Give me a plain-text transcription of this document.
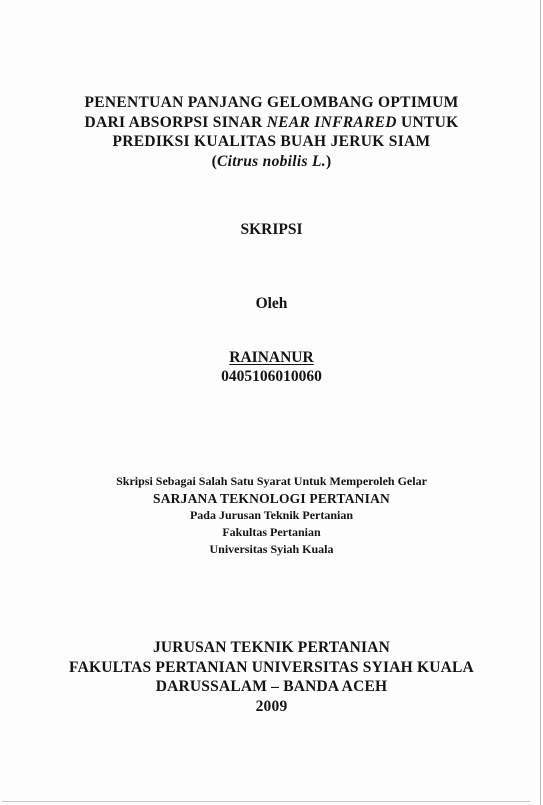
PENENTUAN PANJANG GELOMBANG OPTIMUM
DARI ABSORPSI SINAR NEAR INFRARED UNTUK
PREDIKSI KUALITAS BUAH JERUK SIAM
(Citrus nobilis L.)
SKRIPSI
Oleh
RAINANUR
0405106010060
Skripsi Sebagai Salah Satu Syarat Untuk Memperoleh Gelar
SARJANA TEKNOLOGI PERTANIAN
Pada Jurusan Teknik Pertanian
Fakultas Pertanian
Universitas Syiah Kuala
JURUSAN TEKNIK PERTANIAN
FAKULTAS PERTANIAN UNIVERSITAS SYIAH KUALA
DARUSSALAM – BANDA ACEH
2009
